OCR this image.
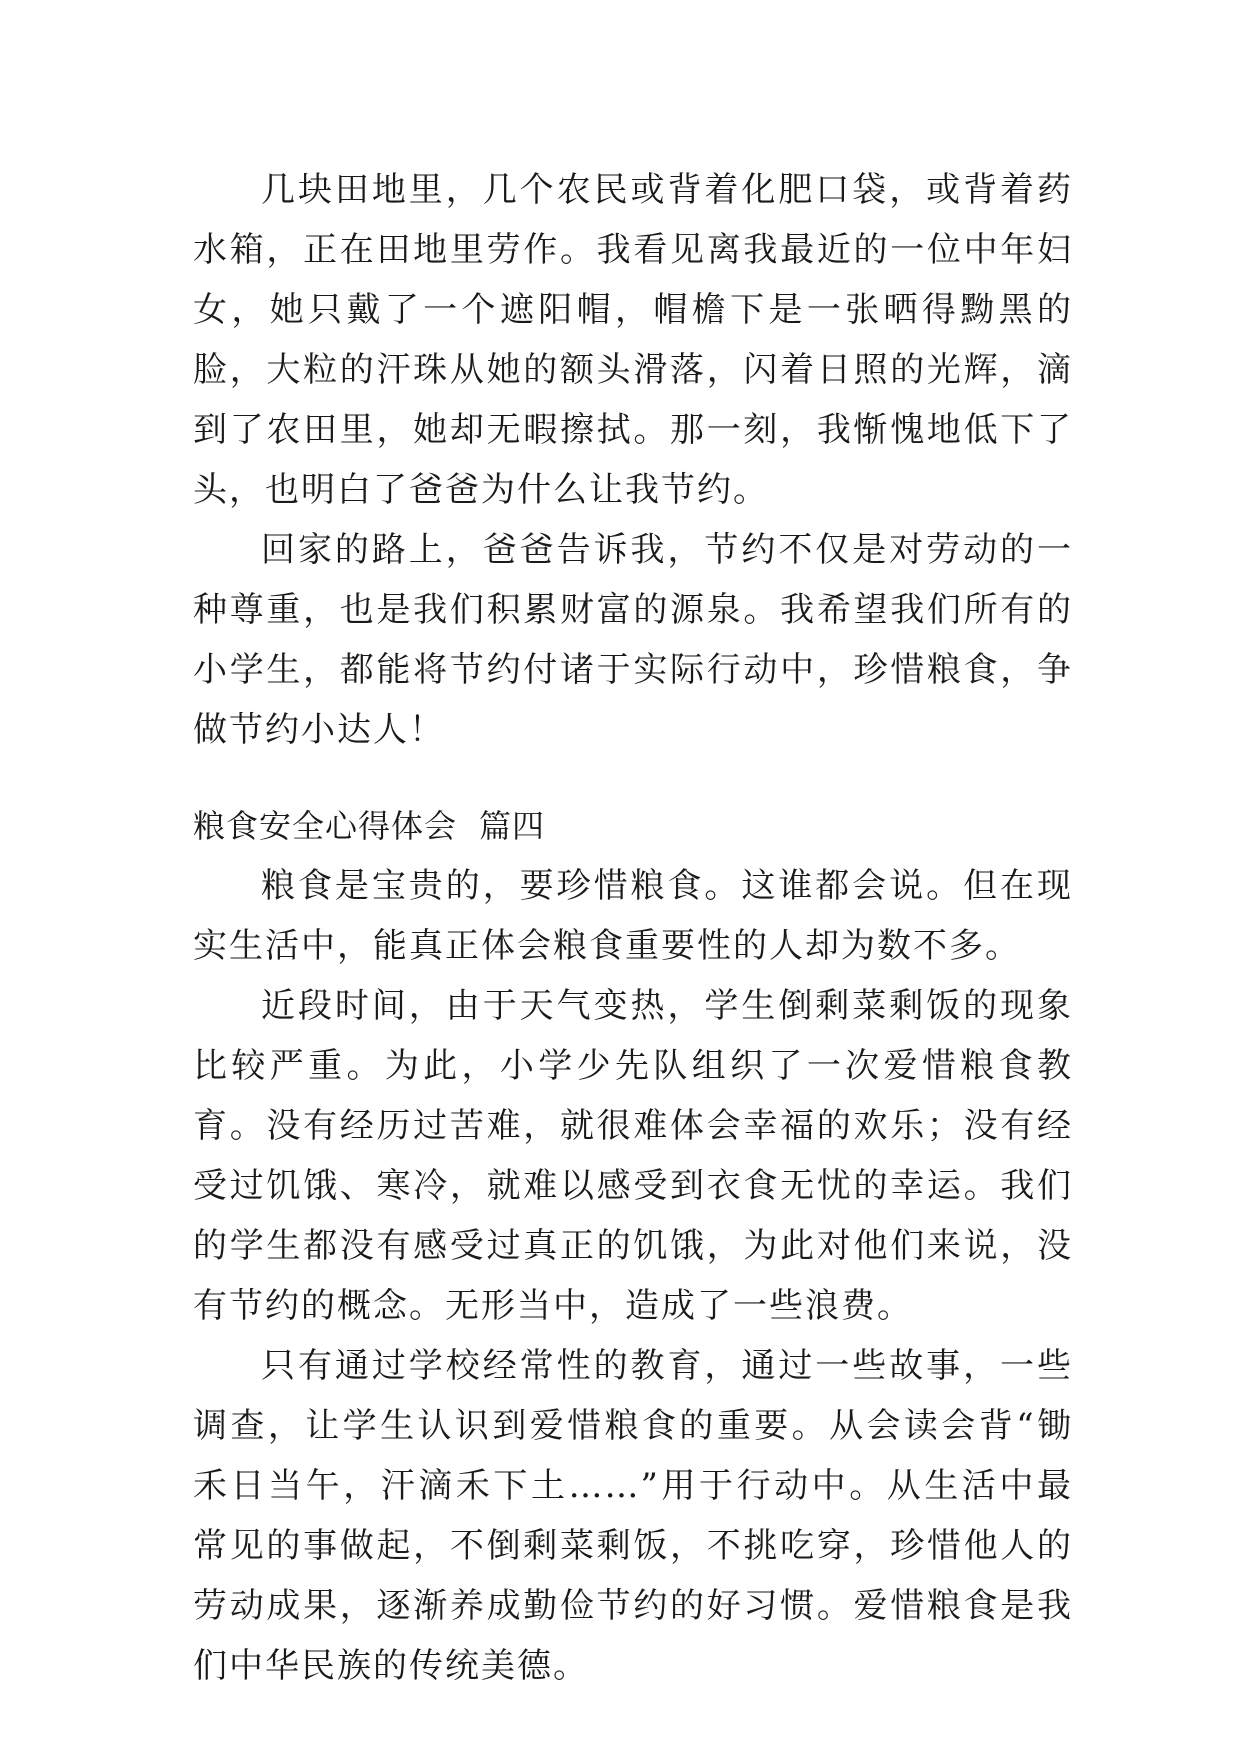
几块田地里，几个农民或背着化肥口袋，或背着药水箱，正在田地里劳作。我看见离我最近的一位中年妇女，她只戴了一个遮阳帽，帽檐下是一张晒得黝黑的脸，大粒的汗珠从她的额头滑落，闪着日照的光辉，滴到了农田里，她却无暇擦拭。那一刻，我惭愧地低下了头，也明白了爸爸为什么让我节约。

回家的路上，爸爸告诉我，节约不仅是对劳动的一种尊重，也是我们积累财富的源泉。我希望我们所有的小学生，都能将节约付诸于实际行动中，珍惜粮食，争做节约小达人！

粮食安全心得体会 篇四

粮食是宝贵的，要珍惜粮食。这谁都会说。但在现实生活中，能真正体会粮食重要性的人却为数不多。

近段时间，由于天气变热，学生倒剩菜剩饭的现象比较严重。为此，小学少先队组织了一次爱惜粮食教育。没有经历过苦难，就很难体会幸福的欢乐；没有经受过饥饿、寒冷，就难以感受到衣食无忧的幸运。我们的学生都没有感受过真正的饥饿，为此对他们来说，没有节约的概念。无形当中，造成了一些浪费。

只有通过学校经常性的教育，通过一些故事，一些调查，让学生认识到爱惜粮食的重要。从会读会背“锄禾日当午，汗滴禾下土……”用于行动中。从生活中最常见的事做起，不倒剩菜剩饭，不挑吃穿，珍惜他人的劳动成果，逐渐养成勤俭节约的好习惯。爱惜粮食是我们中华民族的传统美德。
